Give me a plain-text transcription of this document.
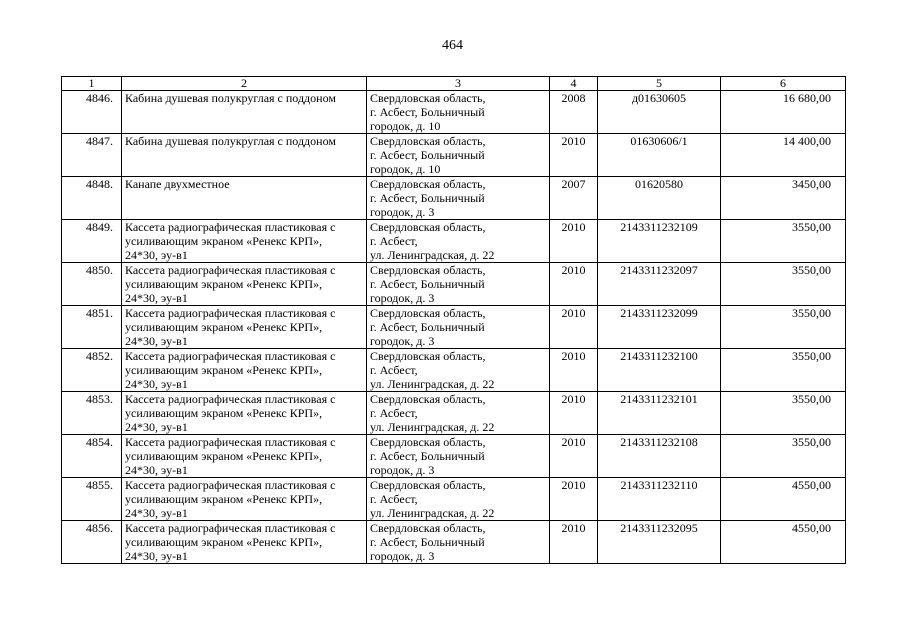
464
1	2	3	4	5	6
4846.	Кабина душевая полукруглая с поддоном	Свердловская область,
г. Асбест, Больничный
городок, д. 10	2008	д01630605	16 680,00
4847.	Кабина душевая полукруглая с поддоном	Свердловская область,
г. Асбест, Больничный
городок, д. 10	2010	01630606/1	14 400,00
4848.	Канапе двухместное	Свердловская область,
г. Асбест, Больничный
городок, д. 3	2007	01620580	3450,00
4849.	Кассета радиографическая пластиковая с
усиливающим экраном «Ренекс КРП»,
24*30, эу-в1	Свердловская область,
г. Асбест,
ул. Ленинградская, д. 22	2010	2143311232109	3550,00
4850.	Кассета радиографическая пластиковая с
усиливающим экраном «Ренекс КРП»,
24*30, эу-в1	Свердловская область,
г. Асбест, Больничный
городок, д. 3	2010	2143311232097	3550,00
4851.	Кассета радиографическая пластиковая с
усиливающим экраном «Ренекс КРП»,
24*30, эу-в1	Свердловская область,
г. Асбест, Больничный
городок, д. 3	2010	2143311232099	3550,00
4852.	Кассета радиографическая пластиковая с
усиливающим экраном «Ренекс КРП»,
24*30, эу-в1	Свердловская область,
г. Асбест,
ул. Ленинградская, д. 22	2010	2143311232100	3550,00
4853.	Кассета радиографическая пластиковая с
усиливающим экраном «Ренекс КРП»,
24*30, эу-в1	Свердловская область,
г. Асбест,
ул. Ленинградская, д. 22	2010	2143311232101	3550,00
4854.	Кассета радиографическая пластиковая с
усиливающим экраном «Ренекс КРП»,
24*30, эу-в1	Свердловская область,
г. Асбест, Больничный
городок, д. 3	2010	2143311232108	3550,00
4855.	Кассета радиографическая пластиковая с
усиливающим экраном «Ренекс КРП»,
24*30, эу-в1	Свердловская область,
г. Асбест,
ул. Ленинградская, д. 22	2010	2143311232110	4550,00
4856.	Кассета радиографическая пластиковая с
усиливающим экраном «Ренекс КРП»,
24*30, эу-в1	Свердловская область,
г. Асбест, Больничный
городок, д. 3	2010	2143311232095	4550,00
